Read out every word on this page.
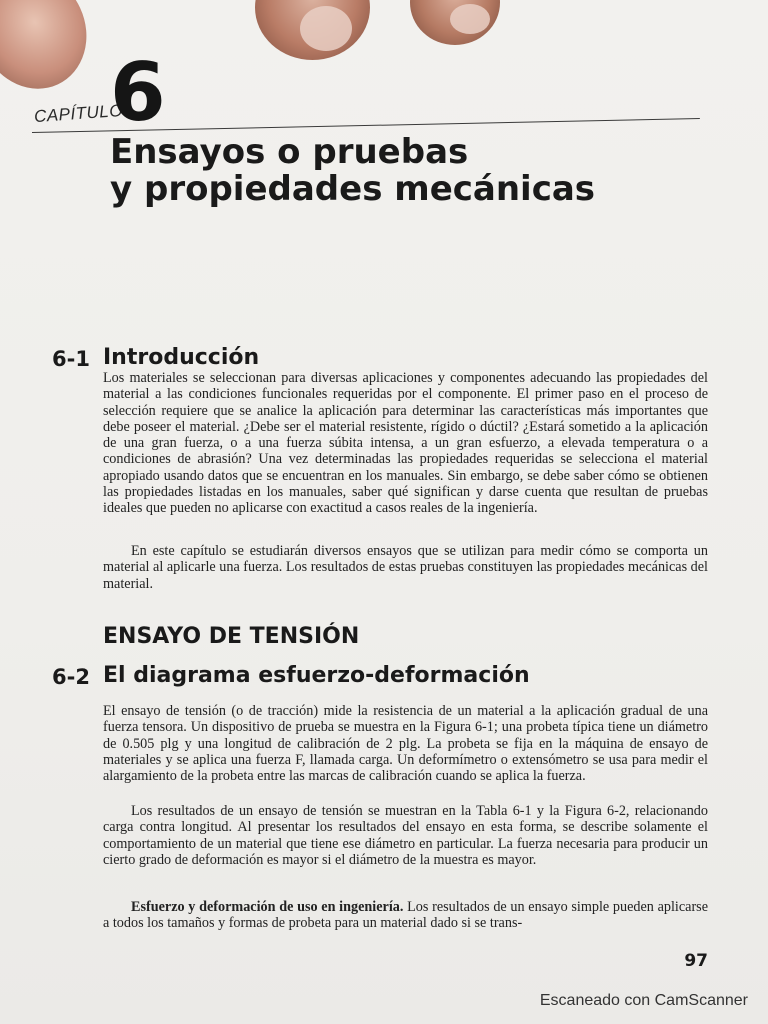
CAPÍTULO
6
Ensayos o pruebas
y propiedades mecánicas
6-1 Introducción

Los materiales se seleccionan para diversas aplicaciones y componentes adecuando las propiedades del material a las condiciones funcionales requeridas por el componente. El primer paso en el proceso de selección requiere que se analice la aplicación para determinar las características más importantes que debe poseer el material. ¿Debe ser el material resistente, rígido o dúctil? ¿Estará sometido a la aplicación de una gran fuerza, o a una fuerza súbita intensa, a un gran esfuerzo, a elevada temperatura o a condiciones de abrasión? Una vez determinadas las propiedades requeridas se selecciona el material apropiado usando datos que se encuentran en los manuales. Sin embargo, se debe saber cómo se obtienen las propiedades listadas en los manuales, saber qué significan y darse cuenta que resultan de pruebas ideales que pueden no aplicarse con exactitud a casos reales de la ingeniería.

En este capítulo se estudiarán diversos ensayos que se utilizan para medir cómo se comporta un material al aplicarle una fuerza. Los resultados de estas pruebas constituyen las propiedades mecánicas del material.

ENSAYO DE TENSIÓN
6-2 El diagrama esfuerzo-deformación

El ensayo de tensión (o de tracción) mide la resistencia de un material a la aplicación gradual de una fuerza tensora. Un dispositivo de prueba se muestra en la Figura 6-1; una probeta típica tiene un diámetro de 0.505 plg y una longitud de calibración de 2 plg. La probeta se fija en la máquina de ensayo de materiales y se aplica una fuerza F, llamada carga. Un deformímetro o extensómetro se usa para medir el alargamiento de la probeta entre las marcas de calibración cuando se aplica la fuerza.

Los resultados de un ensayo de tensión se muestran en la Tabla 6-1 y la Figura 6-2, relacionando carga contra longitud. Al presentar los resultados del ensayo en esta forma, se describe solamente el comportamiento de un material que tiene ese diámetro en particular. La fuerza necesaria para producir un cierto grado de deformación es mayor si el diámetro de la muestra es mayor.

Esfuerzo y deformación de uso en ingeniería. Los resultados de un ensayo simple pueden aplicarse a todos los tamaños y formas de probeta para un material dado si se trans-

97
Escaneado con CamScanner
